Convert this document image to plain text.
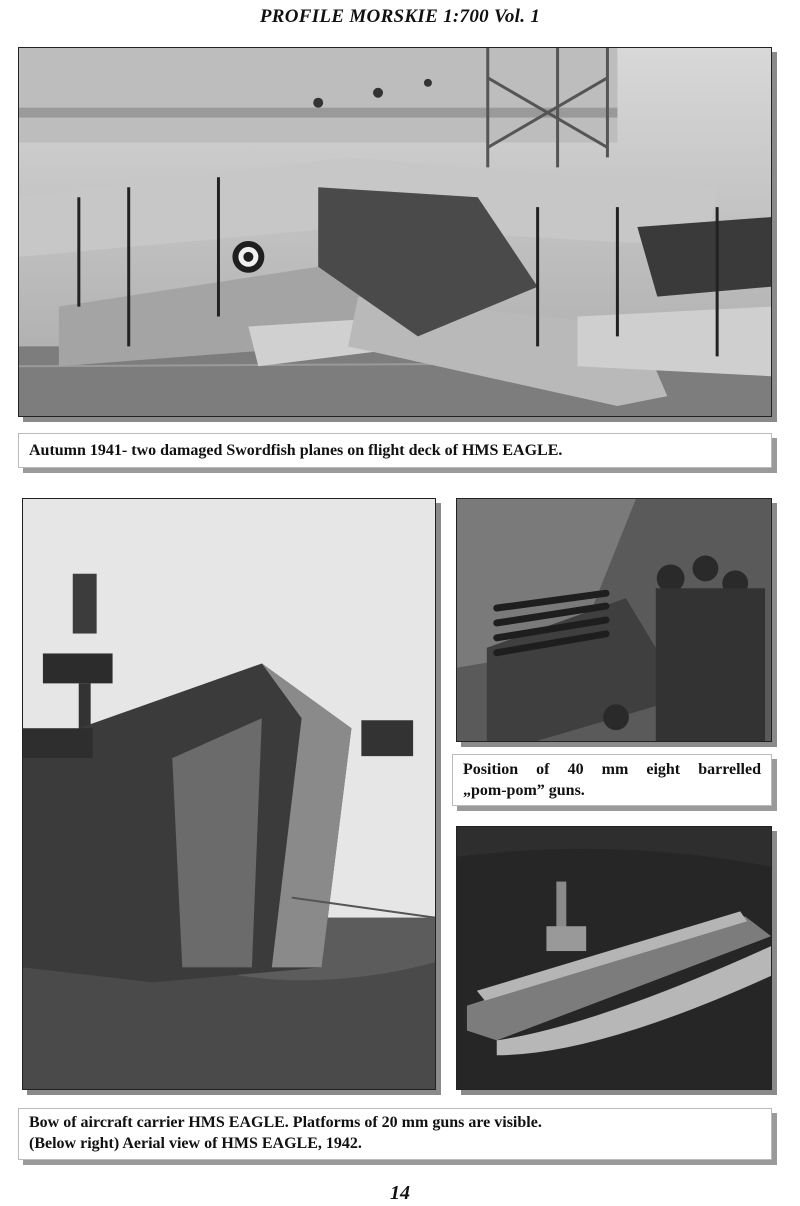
PROFILE MORSKIE 1:700 Vol. 1
Autumn 1941- two damaged Swordfish planes on flight deck of HMS EAGLE.
Position of 40 mm eight barrelled
„pom-pom” guns.
Bow of aircraft carrier HMS EAGLE. Platforms of 20 mm guns are visible.
(Below right) Aerial view of HMS EAGLE, 1942.
14
